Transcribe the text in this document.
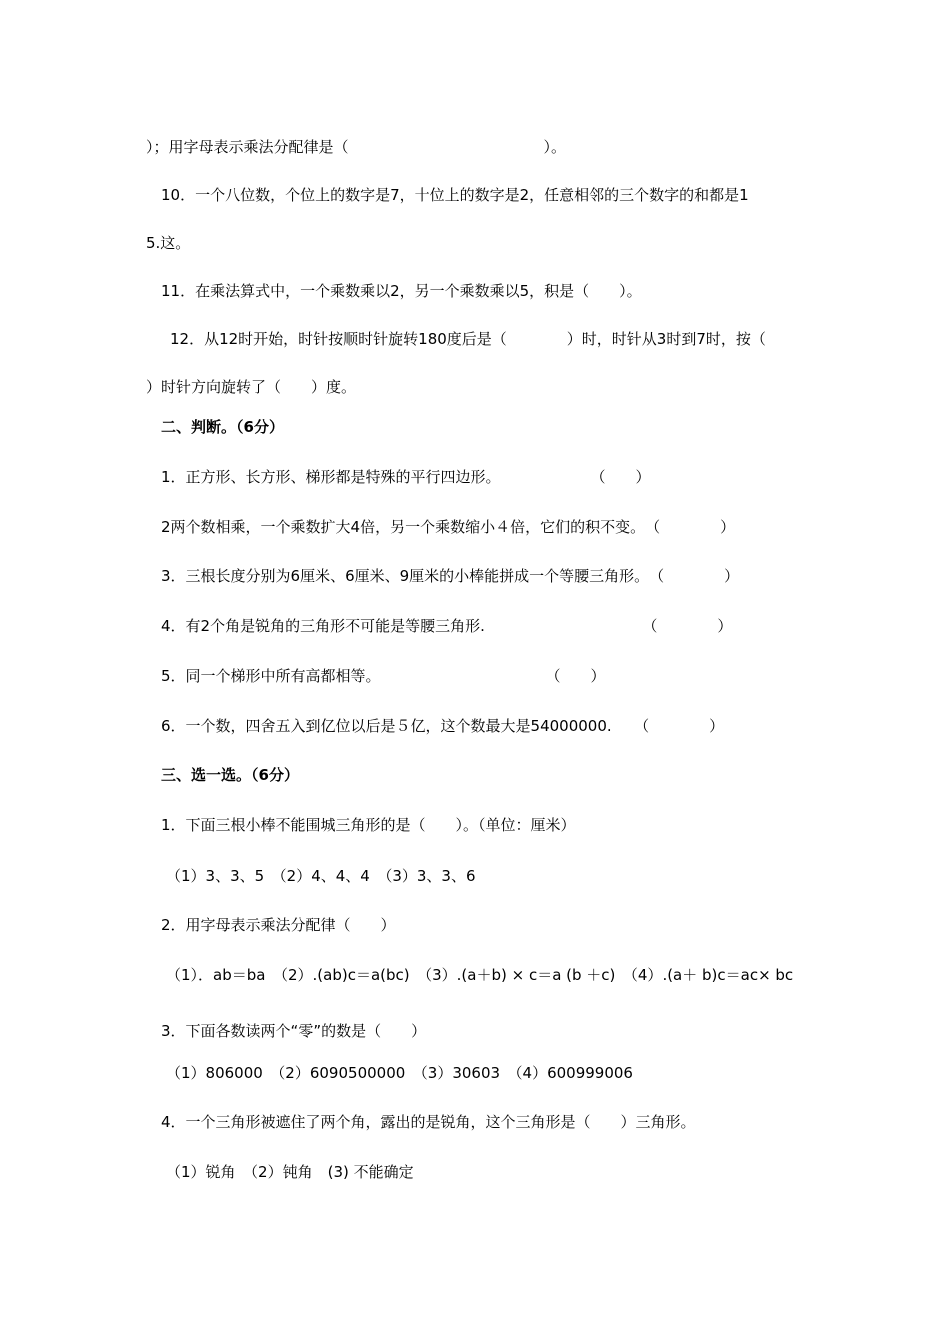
）；用字母表示乘法分配律是（　　　　　　　　　　　　　）。
10．一个八位数，个位上的数字是7，十位上的数字是2，任意相邻的三个数字的和都是1
5.这。
11．在乘法算式中，一个乘数乘以2，另一个乘数乘以5，积是（　　）。
12．从12时开始，时针按顺时针旋转180度后是（　　　　）时，时针从3时到7时，按（
）时针方向旋转了（　　）度。
二、判断。（6分）
1．正方形、长方形、梯形都是特殊的平行四边形。　　　　　　　（　　）
2两个数相乘，一个乘数扩大4倍，另一个乘数缩小４倍，它们的积不变。　（　　　　）
3．三根长度分别为6厘米、6厘米、9厘米的小棒能拼成一个等腰三角形。　（　　　　）
4．有2个角是锐角的三角形不可能是等腰三角形.　　　　　　　　　　　（　　　　）
5．同一个梯形中所有高都相等。　　　　　　　　　　　　（　　）
6．一个数，四舍五入到亿位以后是５亿，这个数最大是54000000.　　（　　　　）
三、选一选。（6分）
1．下面三根小棒不能围城三角形的是（　　）。（单位：厘米）
（1）3、3、5　（2）4、4、4　（3）3、3、6
2．用字母表示乘法分配律（　　）
（1）．ab＝ba　（2）.(ab)c＝a(bc)　（3）.(a＋b) × c＝a (b ＋c)　（4）.(a＋ b)c＝ac× bc
3．下面各数读两个“零”的数是（　　）
（1）806000　（2）6090500000　（3）30603　（4）600999006
4．一个三角形被遮住了两个角，露出的是锐角，这个三角形是（　　）三角形。
（1）锐角　（2）钝角　(3) 不能确定
